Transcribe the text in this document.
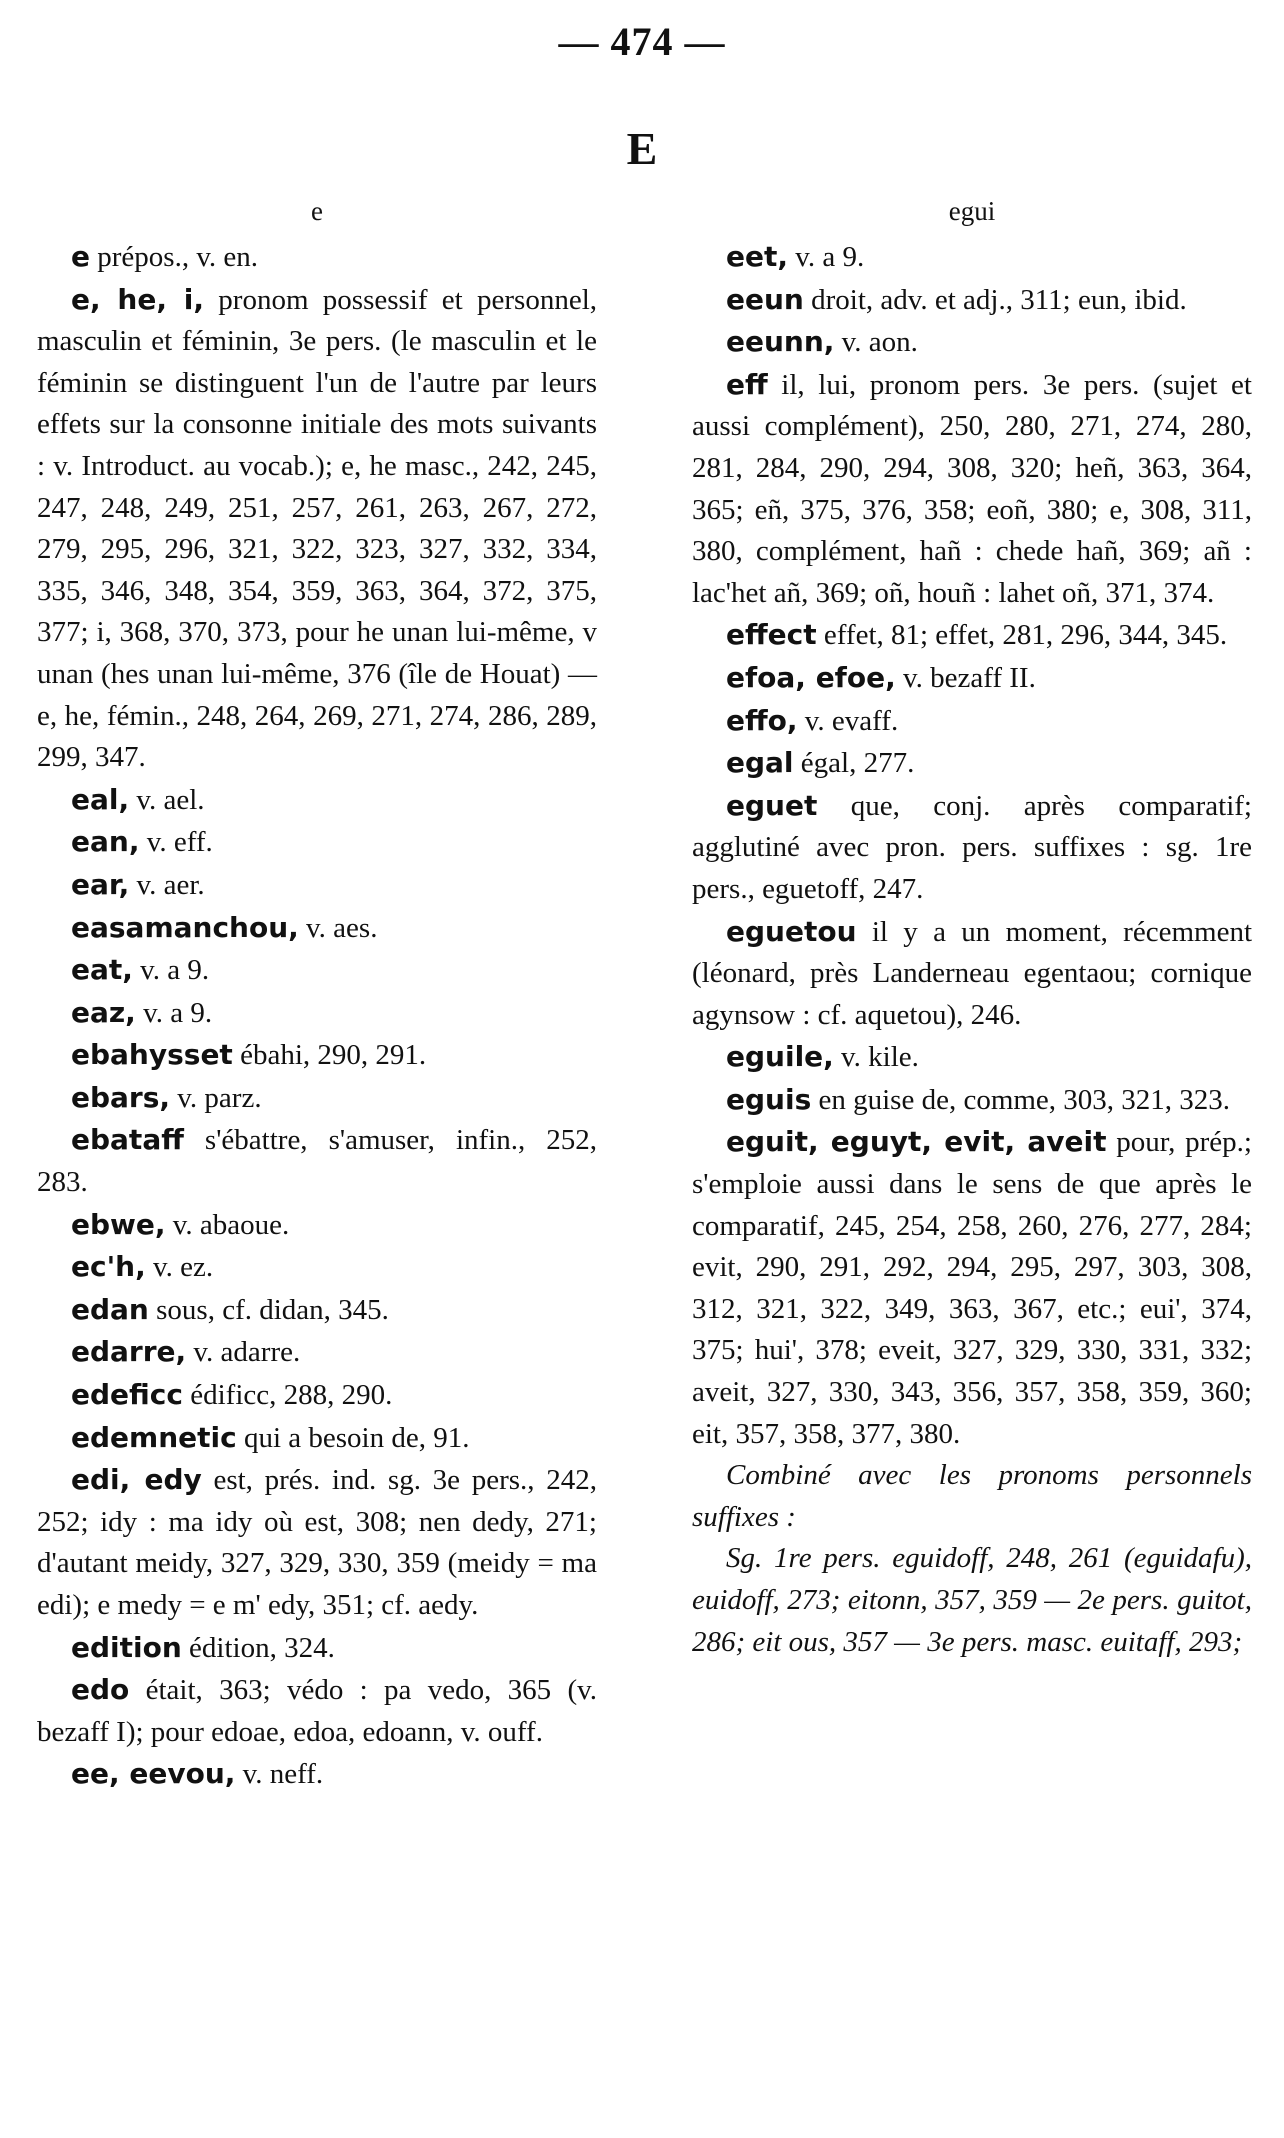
— 474 —
E
e

e prépos., v. en.

e, he, i, pronom possessif et personnel, masculin et féminin, 3e pers. (le masculin et le féminin se distinguent l'un de l'autre par leurs effets sur la consonne initiale des mots suivants : v. Introduct. au vocab.); e, he masc., 242, 245, 247, 248, 249, 251, 257, 261, 263, 267, 272, 279, 295, 296, 321, 322, 323, 327, 332, 334, 335, 346, 348, 354, 359, 363, 364, 372, 375, 377; i, 368, 370, 373, pour he unan lui-même, v unan (hes unan lui-même, 376 (île de Houat) — e, he, fémin., 248, 264, 269, 271, 274, 286, 289, 299, 347.

eal, v. ael.

ean, v. eff.

ear, v. aer.

easamanchou, v. aes.

eat, v. a 9.

eaz, v. a 9.

ebahysset ébahi, 290, 291.

ebars, v. parz.

ebataff s'ébattre, s'amuser, infin., 252, 283.

ebwe, v. abaoue.

ec'h, v. ez.

edan sous, cf. didan, 345.

edarre, v. adarre.

edeficc édificc, 288, 290.

edemnetic qui a besoin de, 91.

edi, edy est, prés. ind. sg. 3e pers., 242, 252; idy : ma idy où est, 308; nen dedy, 271; d'autant meidy, 327, 329, 330, 359 (meidy = ma edi); e medy = e m' edy, 351; cf. aedy.

edition édition, 324.

edo était, 363; védo : pa vedo, 365 (v. bezaff I); pour edoae, edoa, edoann, v. ouff.

ee, eevou, v. neff.

egui

eet, v. a 9.

eeun droit, adv. et adj., 311; eun, ibid.

eeunn, v. aon.

eff il, lui, pronom pers. 3e pers. (sujet et aussi complément), 250, 280, 271, 274, 280, 281, 284, 290, 294, 308, 320; heñ, 363, 364, 365; eñ, 375, 376, 358; eoñ, 380; e, 308, 311, 380, complément, hañ : chede hañ, 369; añ : lac'het añ, 369; oñ, houñ : lahet oñ, 371, 374.

effect effet, 81; effet, 281, 296, 344, 345.

efoa, efoe, v. bezaff II.

effo, v. evaff.

egal égal, 277.

eguet que, conj. après comparatif; agglutiné avec pron. pers. suffixes : sg. 1re pers., eguetoff, 247.

eguetou il y a un moment, récemment (léonard, près Landerneau egentaou; cornique agynsow : cf. aquetou), 246.

eguile, v. kile.

eguis en guise de, comme, 303, 321, 323.

eguit, eguyt, evit, aveit pour, prép.; s'emploie aussi dans le sens de que après le comparatif, 245, 254, 258, 260, 276, 277, 284; evit, 290, 291, 292, 294, 295, 297, 303, 308, 312, 321, 322, 349, 363, 367, etc.; eui', 374, 375; hui', 378; eveit, 327, 329, 330, 331, 332; aveit, 327, 330, 343, 356, 357, 358, 359, 360; eit, 357, 358, 377, 380.

Combiné avec les pronoms personnels suffixes :

Sg. 1re pers. eguidoff, 248, 261 (eguidafu), euidoff, 273; eitonn, 357, 359 — 2e pers. guitot, 286; eit ous, 357 — 3e pers. masc. euitaff, 293;
